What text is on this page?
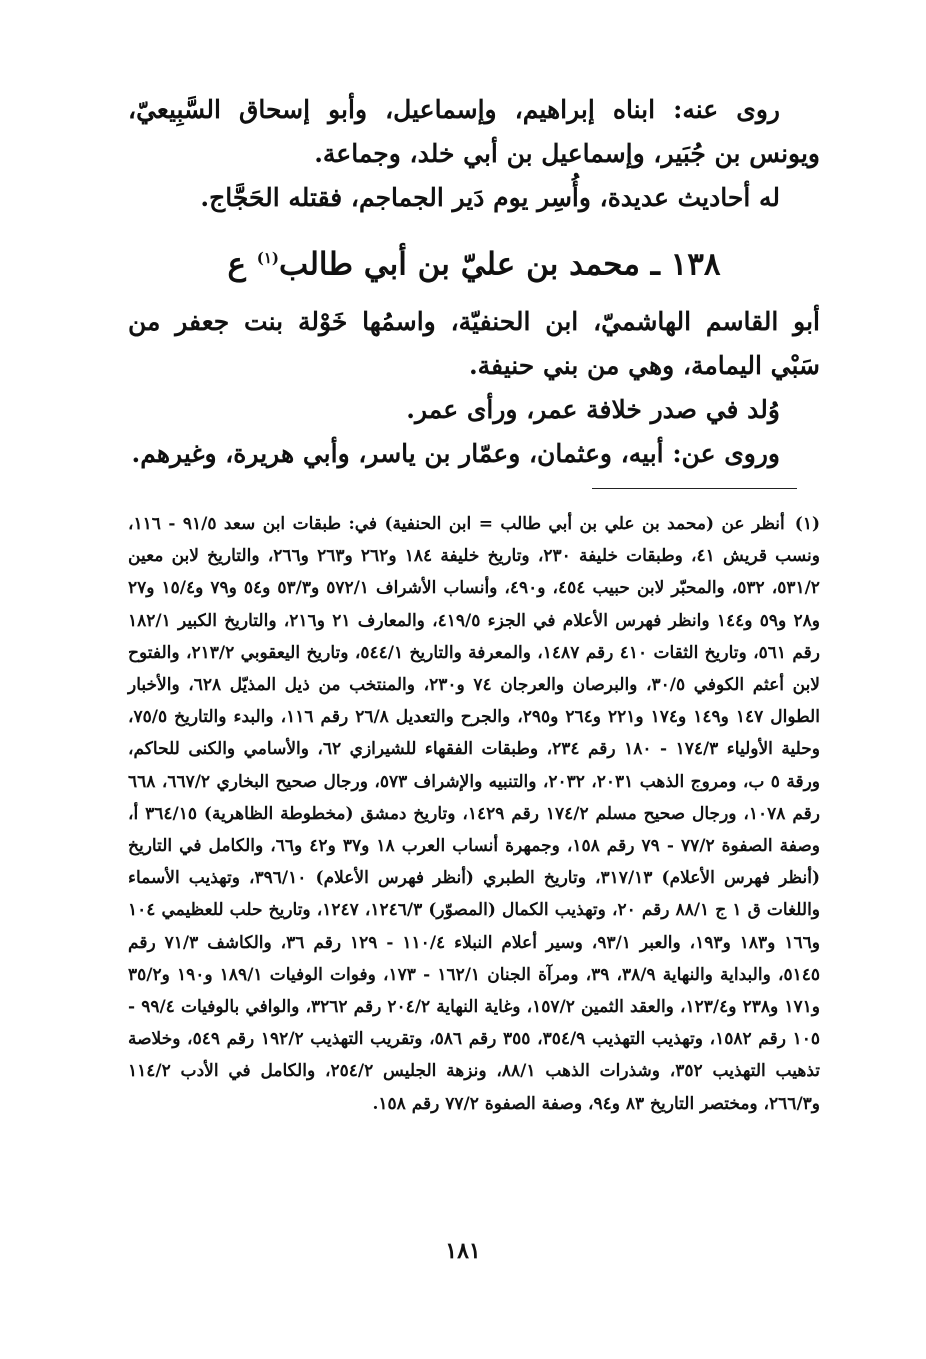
روى عنه: ابناه إبراهيم، وإسماعيل، وأبو إسحاق السَّبِيعيّ، ويونس بن جُبَير، وإسماعيل بن أبي خلد، وجماعة.

له أحاديث عديدة، وأُسِر يوم دَير الجماجم، فقتله الحَجَّاج.

١٣٨ ـ محمد بن عليّ بن أبي طالب$^{(١)}$ ع

أبو القاسم الهاشميّ، ابن الحنفيّة، واسمُها خَوْلة بنت جعفر من سَبْي اليمامة، وهي من بني حنيفة.

وُلد في صدر خلافة عمر، ورأى عمر.

وروى عن: أبيه، وعثمان، وعمّار بن ياسر، وأبي هريرة، وغيرهم.

(١)أنظر عن (محمد بن علي بن أبي طالب = ابن الحنفية) في: طبقات ابن سعد ٩١/٥ - ١١٦، ونسب قريش ٤١، وطبقات خليفة ٢٣٠، وتاريخ خليفة ١٨٤ و٢٦٢ و٢٦٣ و٢٦٦، والتاريخ لابن معين ٥٣١/٢، ٥٣٢، والمحبّر لابن حبيب ٤٥٤، و٤٩٠، وأنساب الأشراف ٥٧٢/١ و٥٣/٣ و٥٤ و٧٩ و١٥/٤ و٢٧ و٢٨ و٥٩ و١٤٤ وانظر فهرس الأعلام في الجزء ٤١٩/٥، والمعارف ٢١ و٢١٦، والتاريخ الكبير ١٨٢/١ رقم ٥٦١، وتاريخ الثقات ٤١٠ رقم ١٤٨٧، والمعرفة والتاريخ ٥٤٤/١، وتاريخ اليعقوبي ٢١٣/٢، والفتوح لابن أعثم الكوفي ٣٠/٥، والبرصان والعرجان ٧٤ و٢٣٠، والمنتخب من ذيل المذيّل ٦٢٨، والأخبار الطوال ١٤٧ و١٤٩ و١٧٤ و٢٢١ و٢٦٤ و٢٩٥، والجرح والتعديل ٢٦/٨ رقم ١١٦، والبدء والتاريخ ٧٥/٥، وحلية الأولياء ١٧٤/٣ - ١٨٠ رقم ٢٣٤، وطبقات الفقهاء للشيرازي ٦٢، والأسامي والكنى للحاكم، ورقة ٥ ب، ومروج الذهب ٢٠٣١، ٢٠٣٢، والتنبيه والإشراف ٥٧٣، ورجال صحيح البخاري ٦٦٧/٢، ٦٦٨ رقم ١٠٧٨، ورجال صحيح مسلم ١٧٤/٢ رقم ١٤٢٩، وتاريخ دمشق (مخطوطة الظاهرية) ٣٦٤/١٥ أ، وصفة الصفوة ٧٧/٢ - ٧٩ رقم ١٥٨، وجمهرة أنساب العرب ١٨ و٣٧ و٤٢ و٦٦، والكامل في التاريخ (أنظر فهرس الأعلام) ٣١٧/١٣، وتاريخ الطبري (أنظر فهرس الأعلام) ٣٩٦/١٠، وتهذيب الأسماء واللغات ق ١ ج ٨٨/١ رقم ٢٠، وتهذيب الكمال (المصوّر) ١٢٤٦/٣، ١٢٤٧، وتاريخ حلب للعظيمي ١٠٤ و١٦٦ و١٨٣ و١٩٣، والعبر ٩٣/١، وسير أعلام النبلاء ١١٠/٤ - ١٢٩ رقم ٣٦، والكاشف ٧١/٣ رقم ٥١٤٥، والبداية والنهاية ٣٨/٩، ٣٩، ومرآة الجنان ١٦٢/١ - ١٧٣، وفوات الوفيات ١٨٩/١ و١٩٠ و٣٥/٢ و١٧١ و٢٣٨ و١٢٣/٤، والعقد الثمين ١٥٧/٢، وغاية النهاية ٢٠٤/٢ رقم ٣٢٦٢، والوافي بالوفيات ٩٩/٤ - ١٠٥ رقم ١٥٨٢، وتهذيب التهذيب ٣٥٤/٩، ٣٥٥ رقم ٥٨٦، وتقريب التهذيب ١٩٢/٢ رقم ٥٤٩، وخلاصة تذهيب التهذيب ٣٥٢، وشذرات الذهب ٨٨/١، ونزهة الجليس ٢٥٤/٢، والكامل في الأدب ١١٤/٢ و٢٦٦/٣، ومختصر التاريخ ٨٣ و٩٤، وصفة الصفوة ٧٧/٢ رقم ١٥٨.

١٨١
